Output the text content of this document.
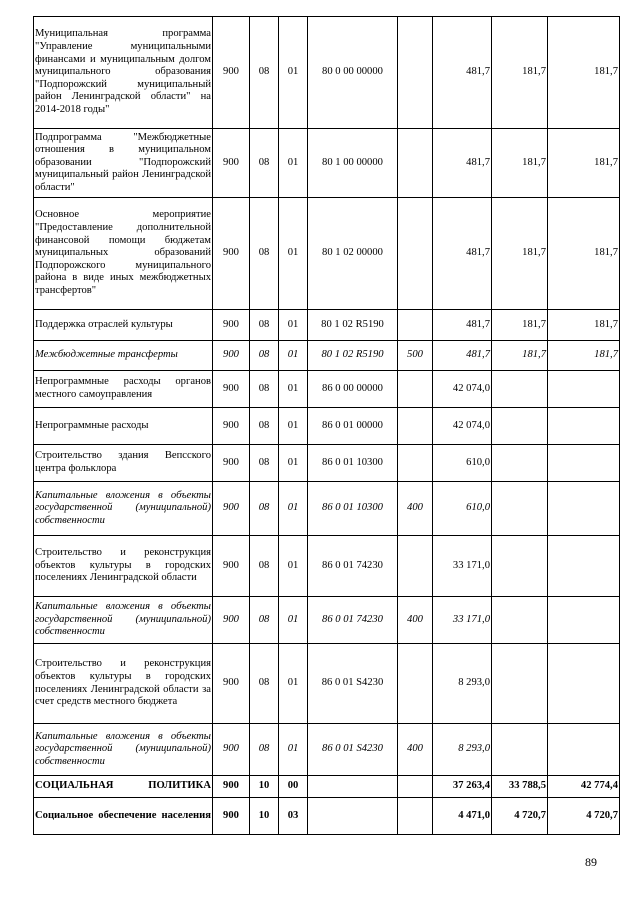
Муниципальная программа "Управление муниципальными финансами и муниципальным долгом муниципального образования "Подпорожский муниципальный район Ленинградской области" на 2014-2018 годы"	900	08	01	80 0 00 00000		481,7	181,7	181,7
Подпрограмма "Межбюджетные отношения в муниципальном образовании "Подпорожский муниципальный район Ленинградской области"	900	08	01	80 1 00 00000		481,7	181,7	181,7
Основное мероприятие "Предоставление дополнительной финансовой помощи бюджетам муниципальных образований Подпорожского муниципального района в виде иных межбюджетных трансфертов"	900	08	01	80 1 02 00000		481,7	181,7	181,7
Поддержка отраслей культуры	900	08	01	80 1 02 R5190		481,7	181,7	181,7
Межбюджетные трансферты	900	08	01	80 1 02 R5190	500	481,7	181,7	181,7
Непрограммные расходы органов местного самоуправления	900	08	01	86 0 00 00000		42 074,0		
Непрограммные расходы	900	08	01	86 0 01 00000		42 074,0		
Строительство здания Вепсского центра фольклора	900	08	01	86 0 01 10300		610,0		
Капитальные вложения в объекты государственной (муниципальной) собственности	900	08	01	86 0 01 10300	400	610,0		
Строительство и реконструкция объектов культуры в городских поселениях Ленинградской области	900	08	01	86 0 01 74230		33 171,0		
Капитальные вложения в объекты государственной (муниципальной) собственности	900	08	01	86 0 01 74230	400	33 171,0		
Строительство и реконструкция объектов культуры в городских поселениях Ленинградской области за счет средств местного бюджета	900	08	01	86 0 01 S4230		8 293,0		
Капитальные вложения в объекты государственной (муниципальной) собственности	900	08	01	86 0 01 S4230	400	8 293,0		
СОЦИАЛЬНАЯ ПОЛИТИКА	900	10	00			37 263,4	33 788,5	42 774,4
Социальное обеспечение населения	900	10	03			4 471,0	4 720,7	4 720,7
89
